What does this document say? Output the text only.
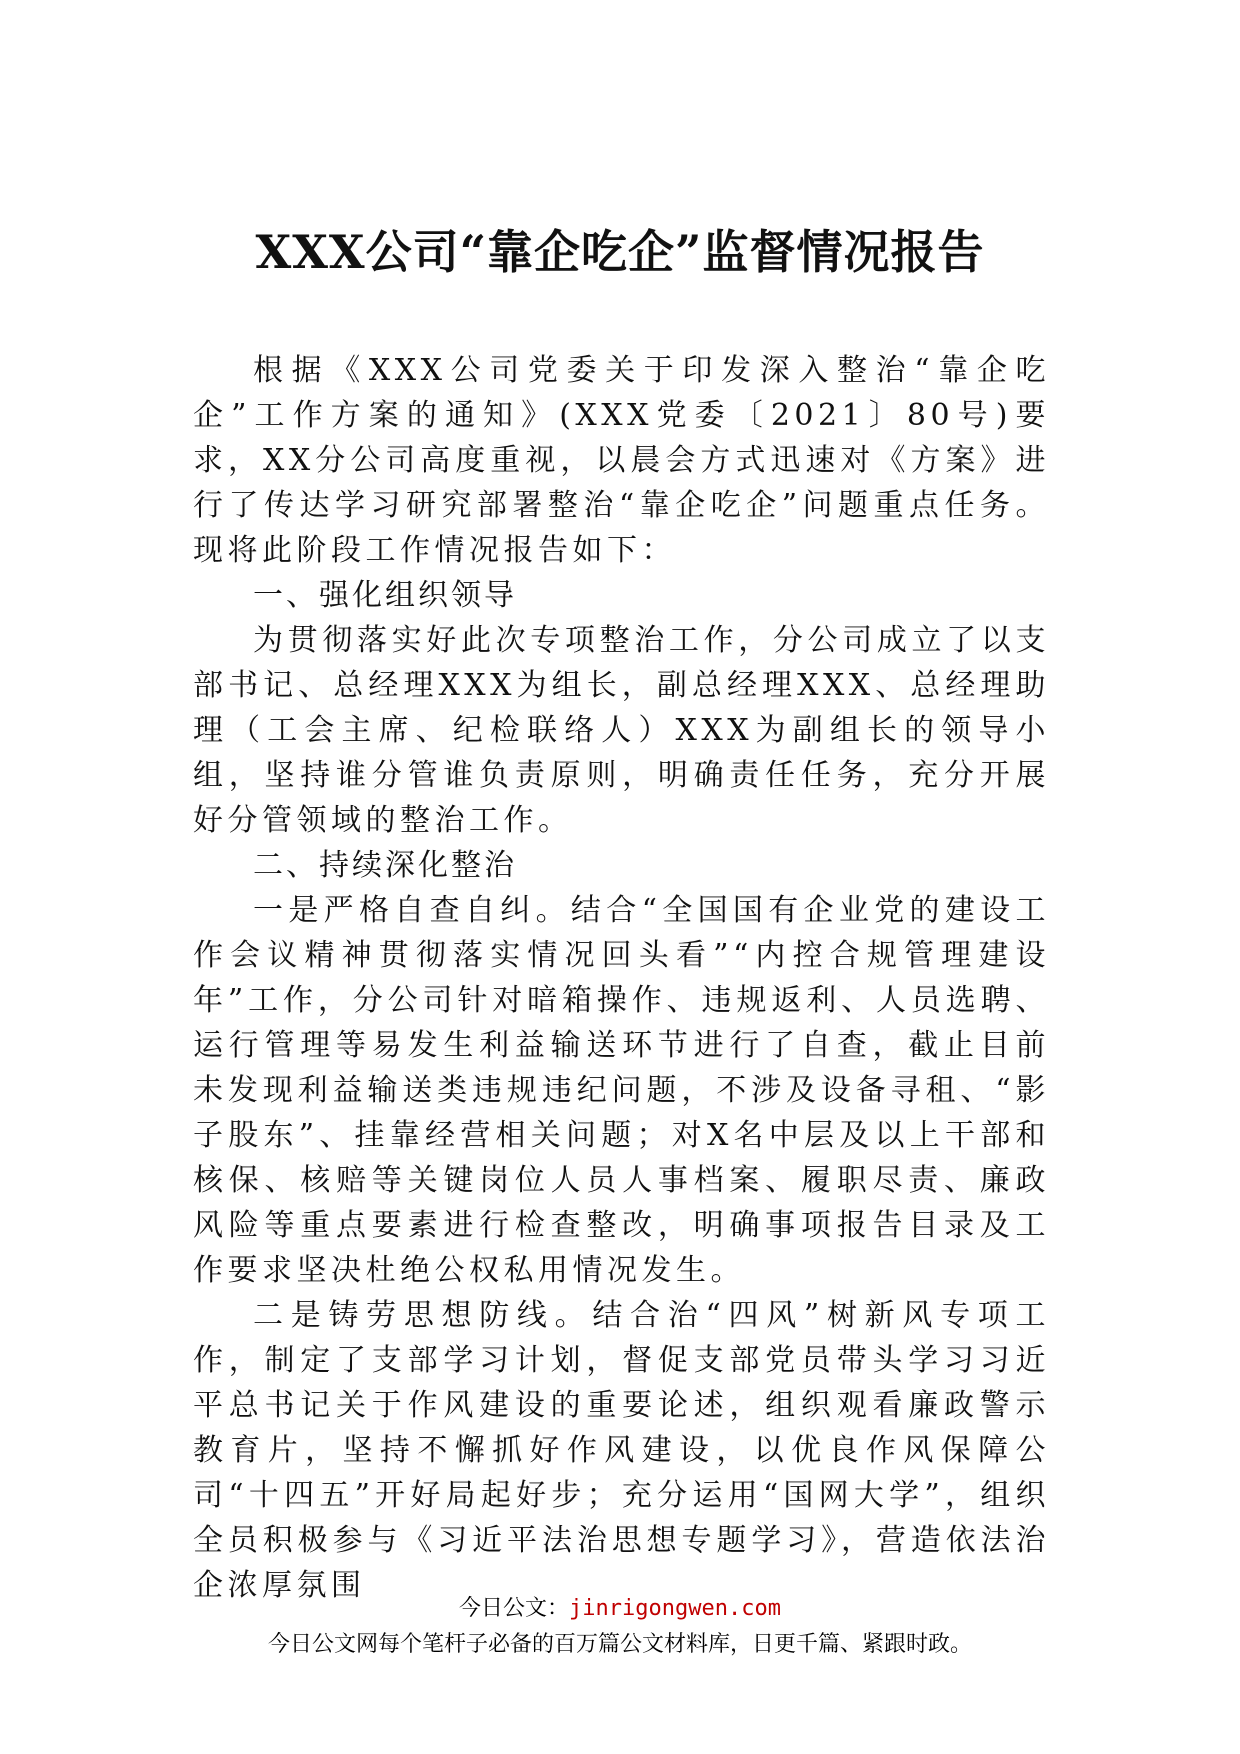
XXX公司“靠企吃企”监督情况报告

根据《XXX公司党委关于印发深入整治“靠企吃企”工作方案的通知》(XXX党委〔2021〕80号)要求，XX分公司高度重视，以晨会方式迅速对《方案》进行了传达学习研究部署整治“靠企吃企”问题重点任务。现将此阶段工作情况报告如下：

一、强化组织领导

为贯彻落实好此次专项整治工作，分公司成立了以支部书记、总经理XXX为组长，副总经理XXX、总经理助理（工会主席、纪检联络人）XXX为副组长的领导小组，坚持谁分管谁负责原则，明确责任任务，充分开展好分管领域的整治工作。

二、持续深化整治

一是严格自查自纠。结合“全国国有企业党的建设工作会议精神贯彻落实情况回头看”“内控合规管理建设年”工作，分公司针对暗箱操作、违规返利、人员选聘、运行管理等易发生利益输送环节进行了自查，截止目前未发现利益输送类违规违纪问题，不涉及设备寻租、“影子股东”、挂靠经营相关问题；对X名中层及以上干部和核保、核赔等关键岗位人员人事档案、履职尽责、廉政风险等重点要素进行检查整改，明确事项报告目录及工作要求坚决杜绝公权私用情况发生。

二是铸劳思想防线。结合治“四风”树新风专项工作，制定了支部学习计划，督促支部党员带头学习习近平总书记关于作风建设的重要论述，组织观看廉政警示教育片，坚持不懈抓好作风建设，以优良作风保障公司“十四五”开好局起好步；充分运用“国网大学”，组织全员积极参与《习近平法治思想专题学习》，营造依法治企浓厚氛围

今日公文：jinrigongwen.com
今日公文网每个笔杆子必备的百万篇公文材料库，日更千篇、紧跟时政。
